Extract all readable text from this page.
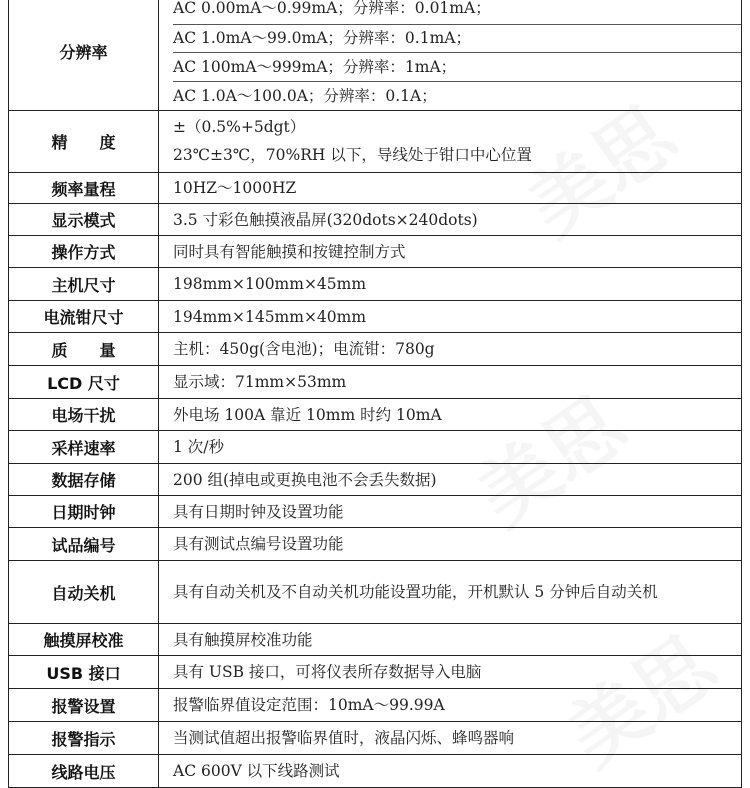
美思
美思
美思
分辨率	AC 0.00mA～0.99mA；分辨率：0.01mA；
AC 1.0mA～99.0mA；分辨率：0.1mA；
AC 100mA～999mA；分辨率：1mA；
AC 1.0A～100.0A；分辨率：0.1A；

精　　度	±（0.5%+5dgt）
23℃±3℃，70%RH 以下，导线处于钳口中心位置

频率量程	10HZ～1000HZ
显示模式	3.5 寸彩色触摸液晶屏(320dots×240dots)
操作方式	同时具有智能触摸和按键控制方式
主机尺寸	198mm×100mm×45mm
电流钳尺寸	194mm×145mm×40mm
质　　量	主机：450g(含电池)；电流钳：780g
LCD 尺寸	显示域：71mm×53mm
电场干扰	外电场 100A 靠近 10mm 时约 10mA
采样速率	1 次/秒
数据存储	200 组(掉电或更换电池不会丢失数据)
日期时钟	具有日期时钟及设置功能
试品编号	具有测试点编号设置功能
自动关机	具有自动关机及不自动关机功能设置功能，开机默认 5 分钟后自动关机
触摸屏校准	具有触摸屏校准功能
USB 接口	具有 USB 接口，可将仪表所存数据导入电脑
报警设置	报警临界值设定范围：10mA～99.99A
报警指示	当测试值超出报警临界值时，液晶闪烁、蜂鸣器响
线路电压	AC 600V 以下线路测试
